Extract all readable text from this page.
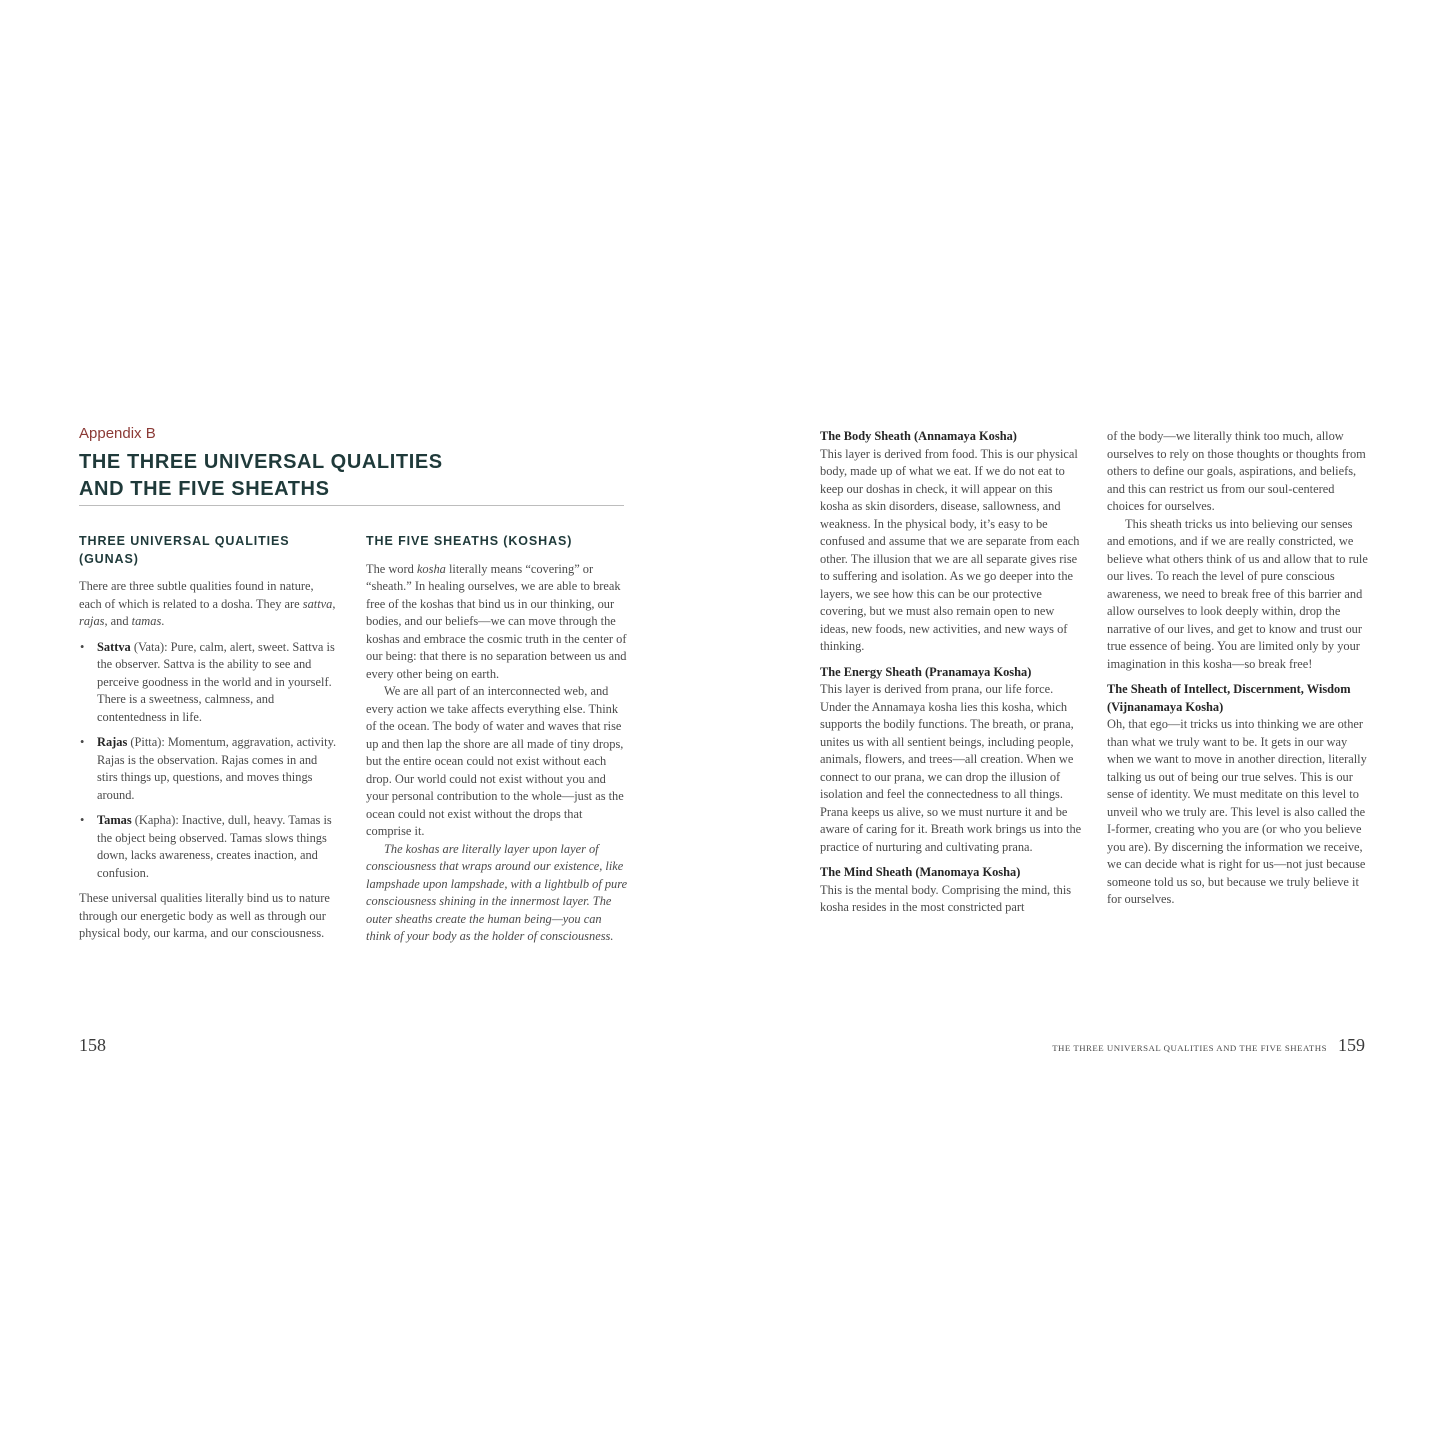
Appendix B
THE THREE UNIVERSAL QUALITIES
AND THE FIVE SHEATHS
THREE UNIVERSAL QUALITIES (GUNAS)

There are three subtle qualities found in nature, each of which is related to a dosha. They are sattva, rajas, and tamas.

• Sattva (Vata): Pure, calm, alert, sweet. Sattva is the observer. Sattva is the ability to see and perceive goodness in the world and in yourself. There is a sweetness, calmness, and contentedness in life.
• Rajas (Pitta): Momentum, aggravation, activity. Rajas is the observation. Rajas comes in and stirs things up, questions, and moves things around.
• Tamas (Kapha): Inactive, dull, heavy. Tamas is the object being observed. Tamas slows things down, lacks awareness, creates inaction, and confusion.

These universal qualities literally bind us to nature through our energetic body as well as through our physical body, our karma, and our consciousness.

THE FIVE SHEATHS (KOSHAS)

The word kosha literally means “covering” or “sheath.” In healing ourselves, we are able to break free of the koshas that bind us in our thinking, our bodies, and our beliefs—we can move through the koshas and embrace the cosmic truth in the center of our being: that there is no separation between us and every other being on earth.

We are all part of an interconnected web, and every action we take affects everything else. Think of the ocean. The body of water and waves that rise up and then lap the shore are all made of tiny drops, but the entire ocean could not exist without each drop. Our world could not exist without you and your personal contribution to the whole—just as the ocean could not exist without the drops that comprise it.

The koshas are literally layer upon layer of consciousness that wraps around our existence, like lampshade upon lampshade, with a lightbulb of pure consciousness shining in the innermost layer. The outer sheaths create the human being—you can think of your body as the holder of consciousness.

158

The Body Sheath (Annamaya Kosha)

This layer is derived from food. This is our physical body, made up of what we eat. If we do not eat to keep our doshas in check, it will appear on this kosha as skin disorders, disease, sallowness, and weakness. In the physical body, it’s easy to be confused and assume that we are separate from each other. The illusion that we are all separate gives rise to suffering and isolation. As we go deeper into the layers, we see how this can be our protective covering, but we must also remain open to new ideas, new foods, new activities, and new ways of thinking.

The Energy Sheath (Pranamaya Kosha)

This layer is derived from prana, our life force. Under the Annamaya kosha lies this kosha, which supports the bodily functions. The breath, or prana, unites us with all sentient beings, including people, animals, flowers, and trees—all creation. When we connect to our prana, we can drop the illusion of isolation and feel the connectedness to all things. Prana keeps us alive, so we must nurture it and be aware of caring for it. Breath work brings us into the practice of nurturing and cultivating prana.

The Mind Sheath (Manomaya Kosha)

This is the mental body. Comprising the mind, this kosha resides in the most constricted part

of the body—we literally think too much, allow ourselves to rely on those thoughts or thoughts from others to define our goals, aspirations, and beliefs, and this can restrict us from our soul-centered choices for ourselves.

This sheath tricks us into believing our senses and emotions, and if we are really constricted, we believe what others think of us and allow that to rule our lives. To reach the level of pure conscious awareness, we need to break free of this barrier and allow ourselves to look deeply within, drop the narrative of our lives, and get to know and trust our true essence of being. You are limited only by your imagination in this kosha—so break free!

The Sheath of Intellect, Discernment, Wisdom (Vijnanamaya Kosha)

Oh, that ego—it tricks us into thinking we are other than what we truly want to be. It gets in our way when we want to move in another direction, literally talking us out of being our true selves. This is our sense of identity. We must meditate on this level to unveil who we truly are. This level is also called the I-former, creating who you are (or who you believe you are). By discerning the information we receive, we can decide what is right for us—not just because someone told us so, but because we truly believe it for ourselves.

THE THREE UNIVERSAL QUALITIES AND THE FIVE SHEATHS 159
